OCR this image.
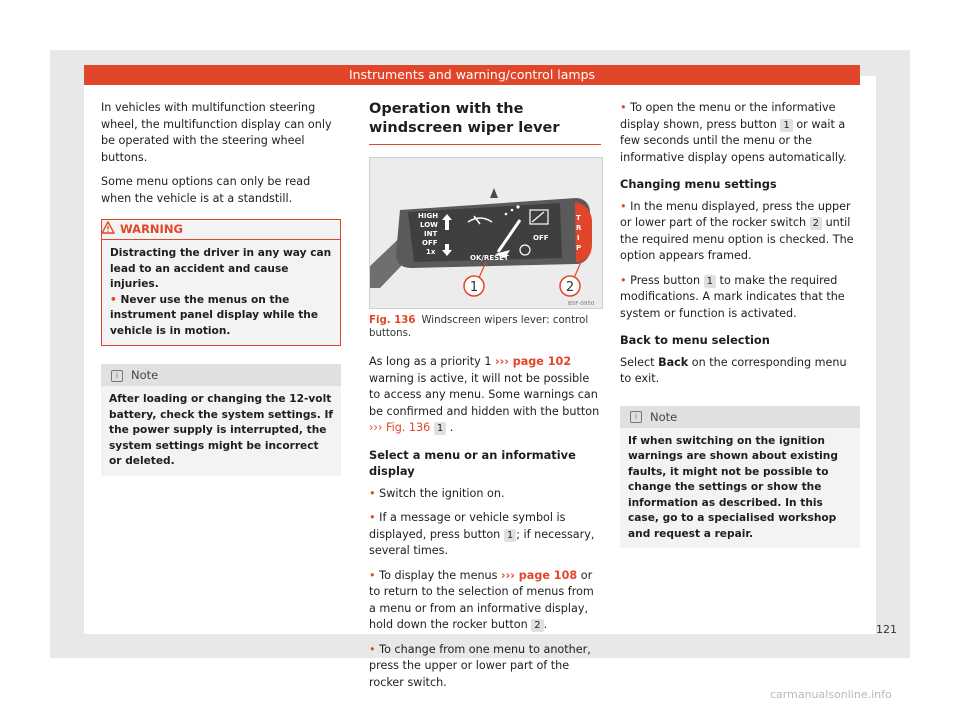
Instruments and warning/control lamps

In vehicles with multifunction steering wheel, the multifunction display can only be operated with the steering wheel buttons.

Some menu options can only be read when the vehicle is at a standstill.

WARNING
Distracting the driver in any way can lead to an accident and cause injuries.
• Never use the menus on the instrument panel display while the vehicle is in motion.
i Note
After loading or changing the 12-volt battery, check the system settings. If the power supply is interrupted, the system settings might be incorrect or deleted.
Operation with the windscreen wiper lever
HIGH
LOW
INT
OFF
1x
OFF
T
R
I
P
OK/RESET
1	2
B5F-0950
Fig. 136 Windscreen wipers lever: control buttons.

As long as a priority 1 ››› page 102 warning is active, it will not be possible to access any menu. Some warnings can be confirmed and hidden with the button ››› Fig. 136 1 .

Select a menu or an informative display

• Switch the ignition on.

• If a message or vehicle symbol is displayed, press button 1 ; if necessary, several times.

• To display the menus ››› page 108 or to return to the selection of menus from a menu or from an informative display, hold down the rocker button 2 .

• To change from one menu to another, press the upper or lower part of the rocker switch.

• To open the menu or the informative display shown, press button 1 or wait a few seconds until the menu or the informative display opens automatically.

Changing menu settings

• In the menu displayed, press the upper or lower part of the rocker switch 2 until the required menu option is checked. The option appears framed.

• Press button 1 to make the required modifications. A mark indicates that the system or function is activated.

Back to menu selection

Select Back on the corresponding menu to exit.

i Note
If when switching on the ignition warnings are shown about existing faults, it might not be possible to change the settings or show the information as described. In this case, go to a specialised workshop and request a repair.
121
carmanualsonline.info
